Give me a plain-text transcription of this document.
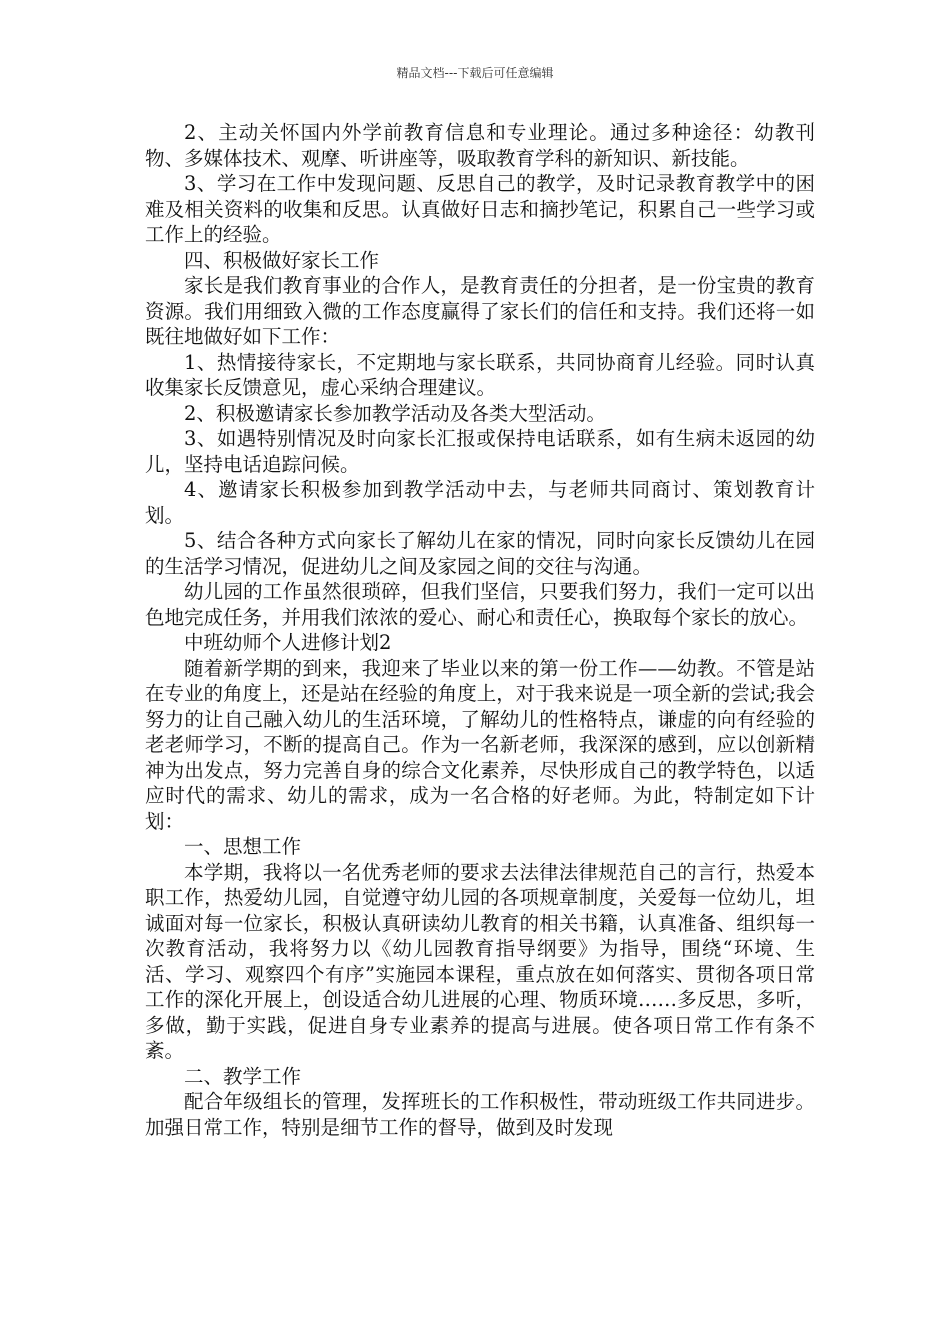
精品文档---下载后可任意编辑

2、主动关怀国内外学前教育信息和专业理论。通过多种途径：幼教刊物、多媒体技术、观摩、听讲座等，吸取教育学科的新知识、新技能。

3、学习在工作中发现问题、反思自己的教学，及时记录教育教学中的困难及相关资料的收集和反思。认真做好日志和摘抄笔记，积累自己一些学习或工作上的经验。

四、积极做好家长工作

家长是我们教育事业的合作人，是教育责任的分担者，是一份宝贵的教育资源。我们用细致入微的工作态度赢得了家长们的信任和支持。我们还将一如既往地做好如下工作：

1、热情接待家长，不定期地与家长联系，共同协商育儿经验。同时认真收集家长反馈意见，虚心采纳合理建议。

2、积极邀请家长参加教学活动及各类大型活动。

3、如遇特别情况及时向家长汇报或保持电话联系，如有生病未返园的幼儿，坚持电话追踪问候。

4、邀请家长积极参加到教学活动中去，与老师共同商讨、策划教育计划。

5、结合各种方式向家长了解幼儿在家的情况，同时向家长反馈幼儿在园的生活学习情况，促进幼儿之间及家园之间的交往与沟通。

幼儿园的工作虽然很琐碎，但我们坚信，只要我们努力，我们一定可以出色地完成任务，并用我们浓浓的爱心、耐心和责任心，换取每个家长的放心。

中班幼师个人进修计划2

随着新学期的到来，我迎来了毕业以来的第一份工作——幼教。不管是站在专业的角度上，还是站在经验的角度上，对于我来说是一项全新的尝试;我会努力的让自己融入幼儿的生活环境，了解幼儿的性格特点，谦虚的向有经验的老老师学习，不断的提高自己。作为一名新老师，我深深的感到，应以创新精神为出发点，努力完善自身的综合文化素养，尽快形成自己的教学特色，以适应时代的需求、幼儿的需求，成为一名合格的好老师。为此，特制定如下计划：

一、思想工作

本学期，我将以一名优秀老师的要求去法律法律规范自己的言行，热爱本职工作，热爱幼儿园，自觉遵守幼儿园的各项规章制度，关爱每一位幼儿，坦诚面对每一位家长，积极认真研读幼儿教育的相关书籍，认真准备、组织每一次教育活动，我将努力以《幼儿园教育指导纲要》为指导，围绕“环境、生活、学习、观察四个有序”实施园本课程，重点放在如何落实、贯彻各项日常工作的深化开展上，创设适合幼儿进展的心理、物质环境……多反思，多听，多做，勤于实践，促进自身专业素养的提高与进展。使各项日常工作有条不紊。

二、教学工作

配合年级组长的管理，发挥班长的工作积极性，带动班级工作共同进步。加强日常工作，特别是细节工作的督导，做到及时发现
